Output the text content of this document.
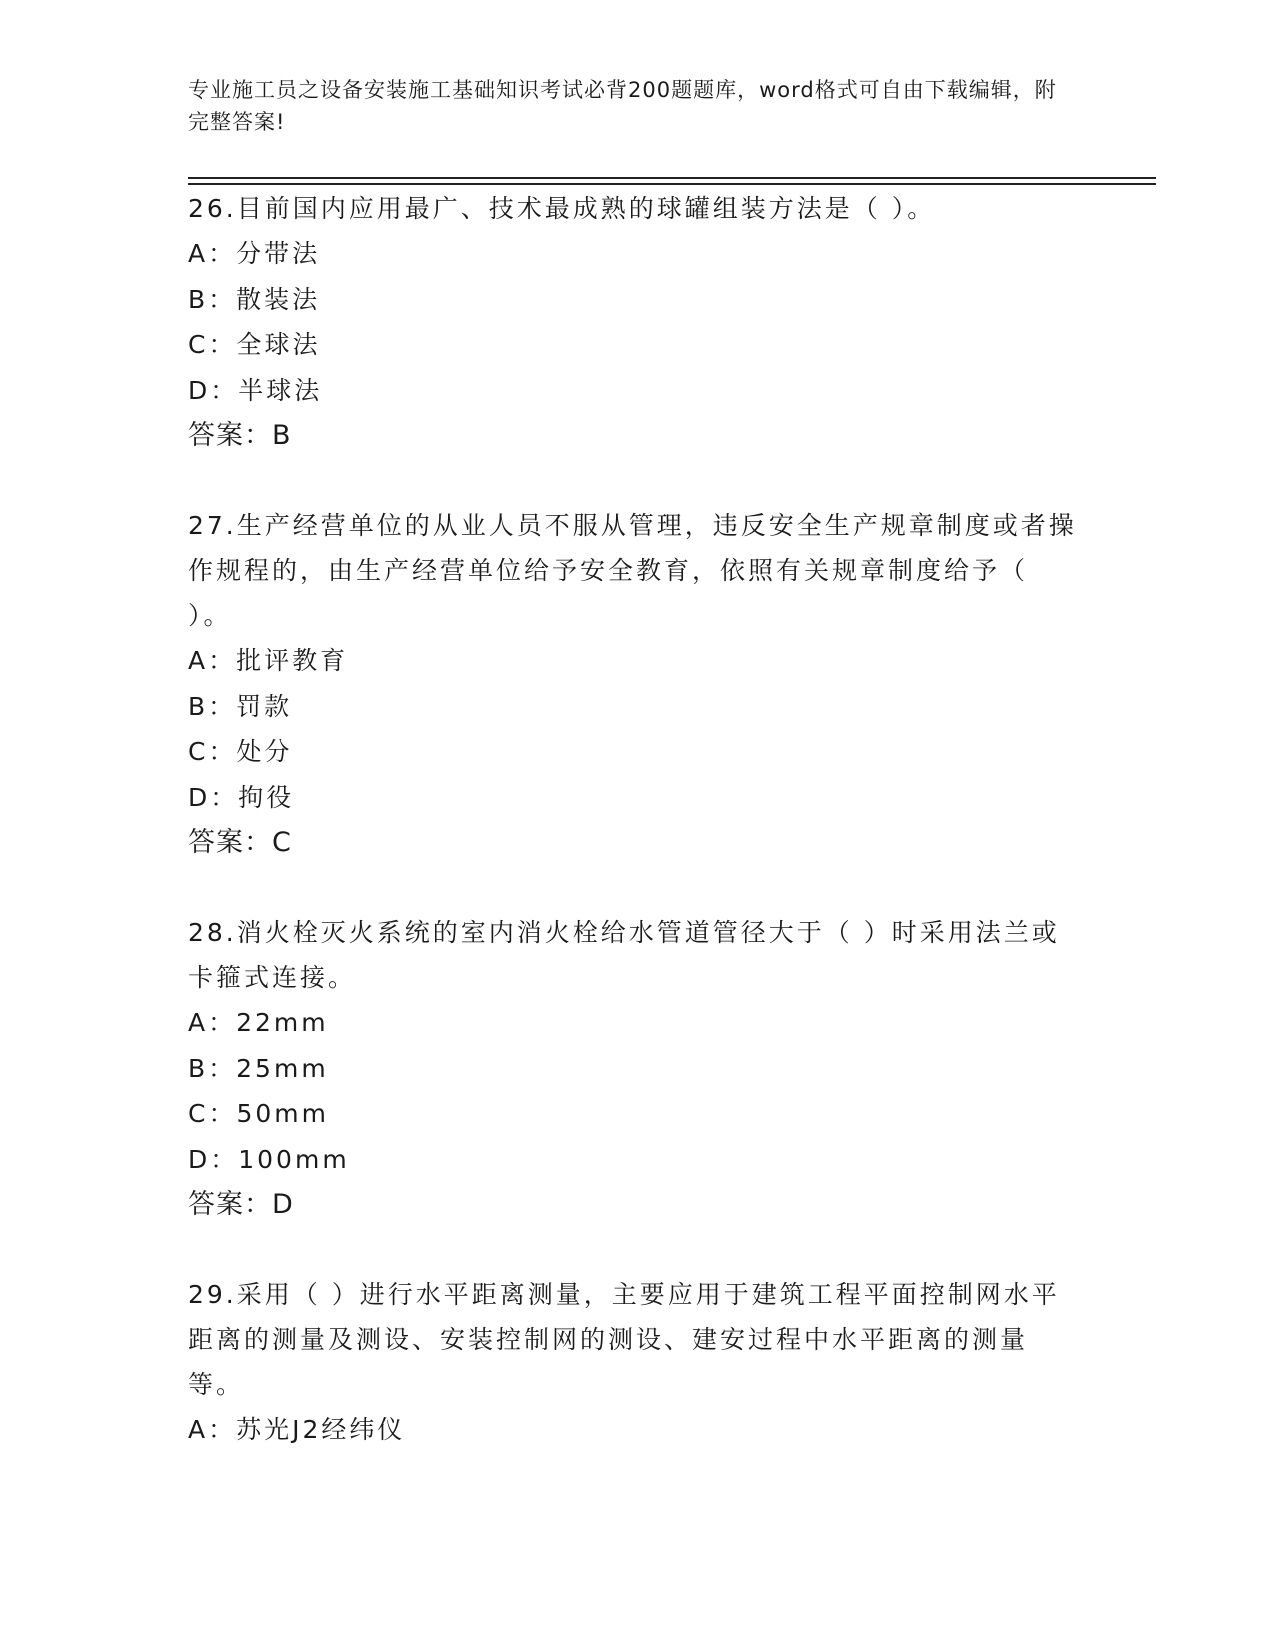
专业施工员之设备安装施工基础知识考试必背200题题库，word格式可自由下载编辑，附完整答案!

26.目前国内应用最广、技术最成熟的球罐组装方法是（ ）。

A：分带法

B：散装法

C：全球法

D：半球法

答案：B

27.生产经营单位的从业人员不服从管理，违反安全生产规章制度或者操作规程的，由生产经营单位给予安全教育，依照有关规章制度给予（ ）。

A：批评教育

B：罚款

C：处分

D：拘役

答案：C

28.消火栓灭火系统的室内消火栓给水管道管径大于（ ）时采用法兰或卡箍式连接。

A：22mm

B：25mm

C：50mm

D：100mm

答案：D

29.采用（ ）进行水平距离测量，主要应用于建筑工程平面控制网水平距离的测量及测设、安装控制网的测设、建安过程中水平距离的测量等。

A：苏光J2经纬仪
